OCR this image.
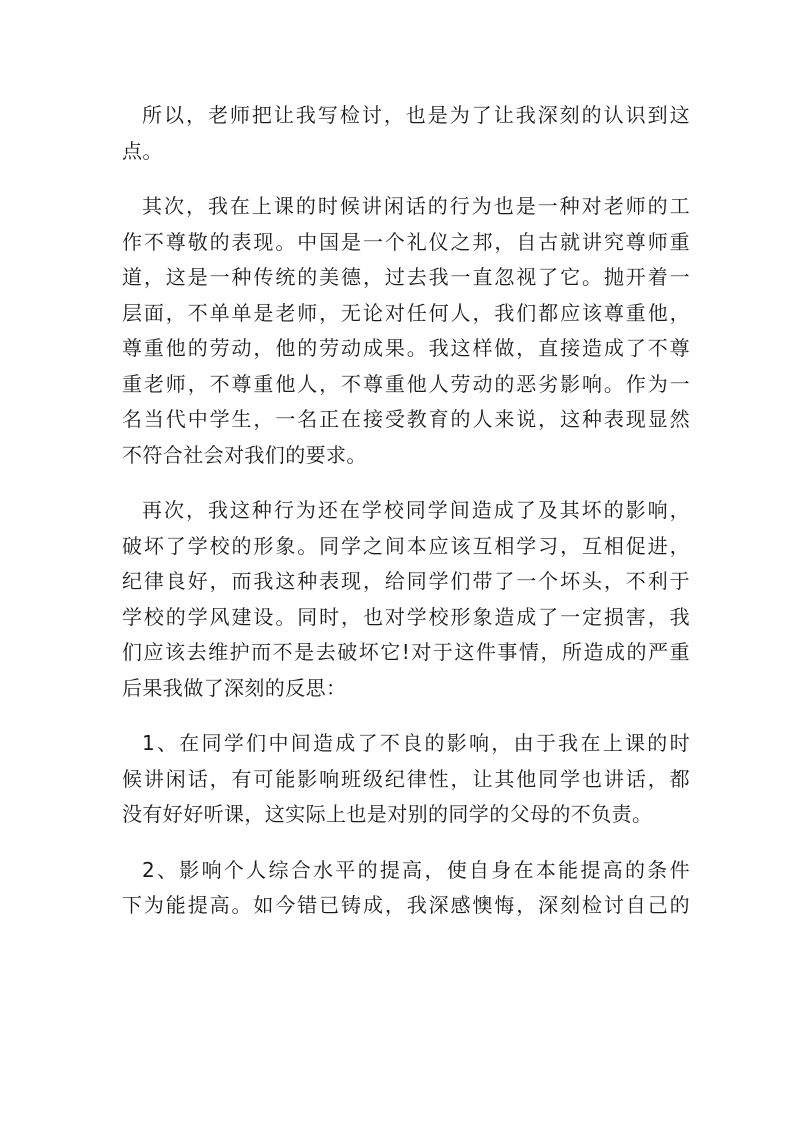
所以，老师把让我写检讨，也是为了让我深刻的认识到这
点。
其次，我在上课的时候讲闲话的行为也是一种对老师的工
作不尊敬的表现。中国是一个礼仪之邦，自古就讲究尊师重
道，这是一种传统的美德，过去我一直忽视了它。抛开着一
层面，不单单是老师，无论对任何人，我们都应该尊重他，
尊重他的劳动，他的劳动成果。我这样做，直接造成了不尊
重老师，不尊重他人，不尊重他人劳动的恶劣影响。作为一
名当代中学生，一名正在接受教育的人来说，这种表现显然
不符合社会对我们的要求。
再次，我这种行为还在学校同学间造成了及其坏的影响，
破坏了学校的形象。同学之间本应该互相学习，互相促进，
纪律良好，而我这种表现，给同学们带了一个坏头，不利于
学校的学风建设。同时，也对学校形象造成了一定损害，我
们应该去维护而不是去破坏它!对于这件事情，所造成的严重
后果我做了深刻的反思：
1、在同学们中间造成了不良的影响，由于我在上课的时
候讲闲话，有可能影响班级纪律性，让其他同学也讲话，都
没有好好听课，这实际上也是对别的同学的父母的不负责。
2、影响个人综合水平的提高，使自身在本能提高的条件
下为能提高。如今错已铸成，我深感懊悔，深刻检讨自己的
